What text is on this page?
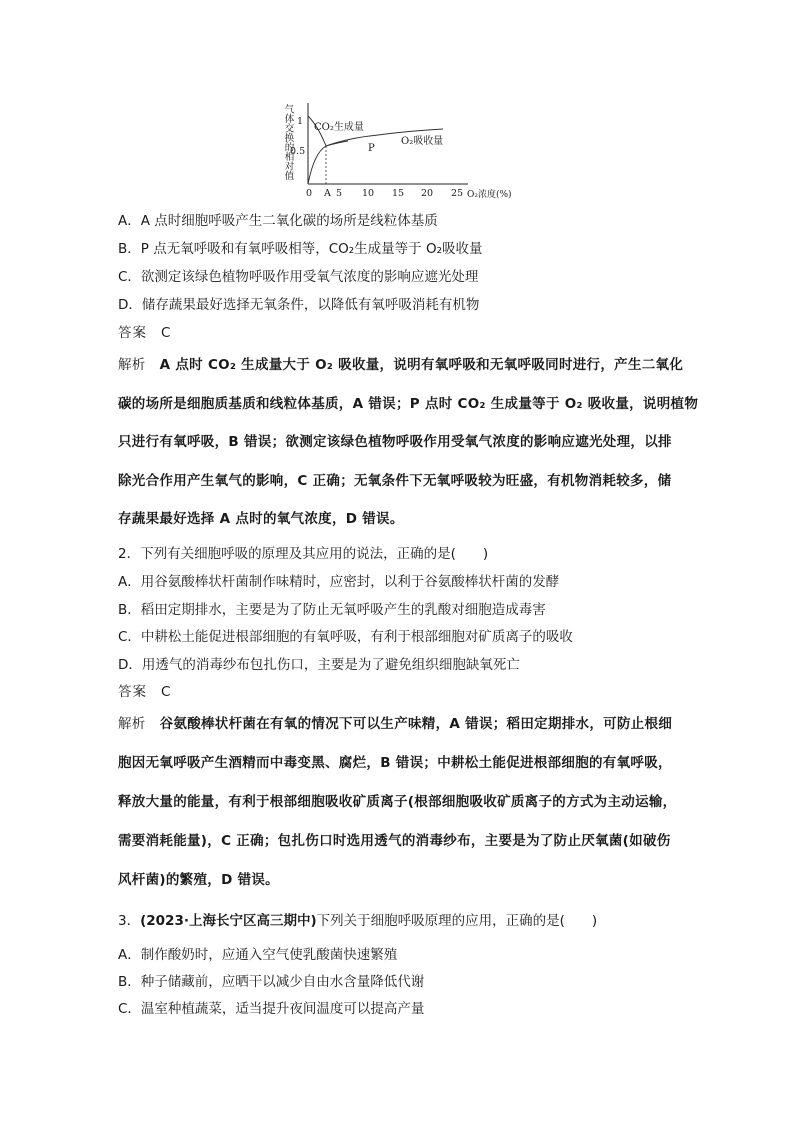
气体交换的相对值 1
0.5
0 A 5 10 15 20 25 O₂浓度(%)
CO₂生成量
O₂吸收量
P
A．A 点时细胞呼吸产生二氧化碳的场所是线粒体基质
B．P 点无氧呼吸和有氧呼吸相等，CO₂生成量等于 O₂吸收量
C．欲测定该绿色植物呼吸作用受氧气浓度的影响应遮光处理
D．储存蔬果最好选择无氧条件，以降低有氧呼吸消耗有机物
答案 C
解析 A 点时 CO₂ 生成量大于 O₂ 吸收量，说明有氧呼吸和无氧呼吸同时进行，产生二氧化
碳的场所是细胞质基质和线粒体基质，A 错误；P 点时 CO₂ 生成量等于 O₂ 吸收量，说明植物
只进行有氧呼吸，B 错误；欲测定该绿色植物呼吸作用受氧气浓度的影响应遮光处理，以排
除光合作用产生氧气的影响，C 正确；无氧条件下无氧呼吸较为旺盛，有机物消耗较多，储
存蔬果最好选择 A 点时的氧气浓度，D 错误。
2．下列有关细胞呼吸的原理及其应用的说法，正确的是(　　)
A．用谷氨酸棒状杆菌制作味精时，应密封，以利于谷氨酸棒状杆菌的发酵
B．稻田定期排水，主要是为了防止无氧呼吸产生的乳酸对细胞造成毒害
C．中耕松土能促进根部细胞的有氧呼吸，有利于根部细胞对矿质离子的吸收
D．用透气的消毒纱布包扎伤口，主要是为了避免组织细胞缺氧死亡
答案 C
解析 谷氨酸棒状杆菌在有氧的情况下可以生产味精，A 错误；稻田定期排水，可防止根细
胞因无氧呼吸产生酒精而中毒变黑、腐烂，B 错误；中耕松土能促进根部细胞的有氧呼吸，
释放大量的能量，有利于根部细胞吸收矿质离子(根部细胞吸收矿质离子的方式为主动运输，
需要消耗能量)，C 正确；包扎伤口时选用透气的消毒纱布，主要是为了防止厌氧菌(如破伤
风杆菌)的繁殖，D 错误。
3．(2023·上海长宁区高三期中)下列关于细胞呼吸原理的应用，正确的是(　　)
A．制作酸奶时，应通入空气使乳酸菌快速繁殖
B．种子储藏前，应晒干以减少自由水含量降低代谢
C．温室种植蔬菜，适当提升夜间温度可以提高产量
